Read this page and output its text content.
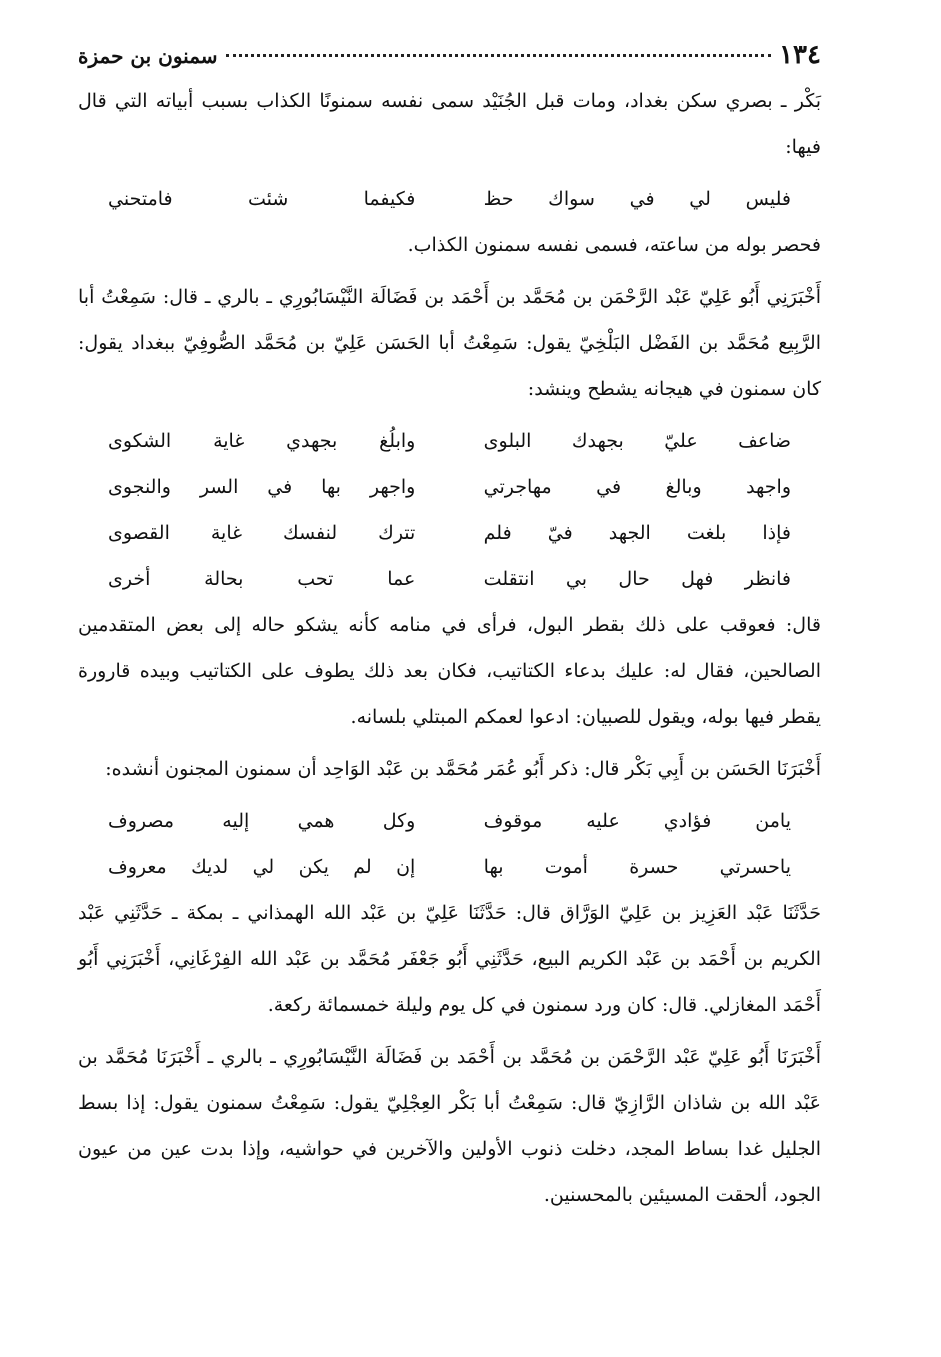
١٣٤
سمنون بن حمزة

بَكْر ـ بصري سكن بغداد، ومات قبل الجُنَيْد سمى نفسه سمنونًا الكذاب بسبب أبياته التي قال فيها:

فليس لي في سواك حظ
فكيفما شئت فامتحني

فحصر بوله من ساعته، فسمى نفسه سمنون الكذاب.

أَخْبَرَنِي أَبُو عَلِيّ عَبْد الرَّحْمَن بن مُحَمَّد بن أَحْمَد بن فَضَالَة النَّيْسَابُورِي ـ بالري ـ قال: سَمِعْتُ أبا الرَّبِيع مُحَمَّد بن الفَضْل البَلْخِيّ يقول: سَمِعْتُ أبا الحَسَن عَلِيّ بن مُحَمَّد الصُّوفِيّ ببغداد يقول: كان سمنون في هيجانه يشطح وينشد:

ضاعف عليّ بجهدك البلوى
وابلُغ بجهدي غاية الشكوى
واجهد وبالغ في مهاجرتي
واجهر بها في السر والنجوى
فإذا بلغت الجهد فيّ فلم
تترك لنفسك غاية القصوى
فانظر فهل حال بي انتقلت
عما تحب بحالة أخرى

قال: فعوقب على ذلك بقطر البول، فرأى في منامه كأنه يشكو حاله إلى بعض المتقدمين الصالحين، فقال له: عليك بدعاء الكتاتيب، فكان بعد ذلك يطوف على الكتاتيب وبيده قارورة يقطر فيها بوله، ويقول للصبيان: ادعوا لعمكم المبتلي بلسانه.

أَخْبَرَنَا الحَسَن بن أَبِي بَكْر قال: ذكر أَبُو عُمَر مُحَمَّد بن عَبْد الوَاحِد أن سمنون المجنون أنشده:

يامن فؤادي عليه موقوف
وكل همي إليه مصروف
ياحسرتي حسرة أموت بها
إن لم يكن لي لديك معروف

حَدَّثَنَا عَبْد العَزِيز بن عَلِيّ الوَرَّاق قال: حَدَّثَنَا عَلِيّ بن عَبْد الله الهمذاني ـ بمكة ـ حَدَّثَنِي عَبْد الكريم بن أَحْمَد بن عَبْد الكريم البيع، حَدَّثَنِي أَبُو جَعْفَر مُحَمَّد بن عَبْد الله الفِرْغَانِي، أَخْبَرَنِي أَبُو أَحْمَد المغازلي. قال: كان ورد سمنون في كل يوم وليلة خمسمائة ركعة.

أَخْبَرَنَا أَبُو عَلِيّ عَبْد الرَّحْمَن بن مُحَمَّد بن أَحْمَد بن فَضَالَة النَّيْسَابُورِي ـ بالري ـ أَخْبَرَنَا مُحَمَّد بن عَبْد الله بن شاذان الرَّازِيّ قال: سَمِعْتُ أبا بَكْر العِجْلِيّ يقول: سَمِعْتُ سمنون يقول: إذا بسط الجليل غدا بساط المجد، دخلت ذنوب الأولين والآخرين في حواشيه، وإذا بدت عين من عيون الجود، ألحقت المسيئين بالمحسنين.
